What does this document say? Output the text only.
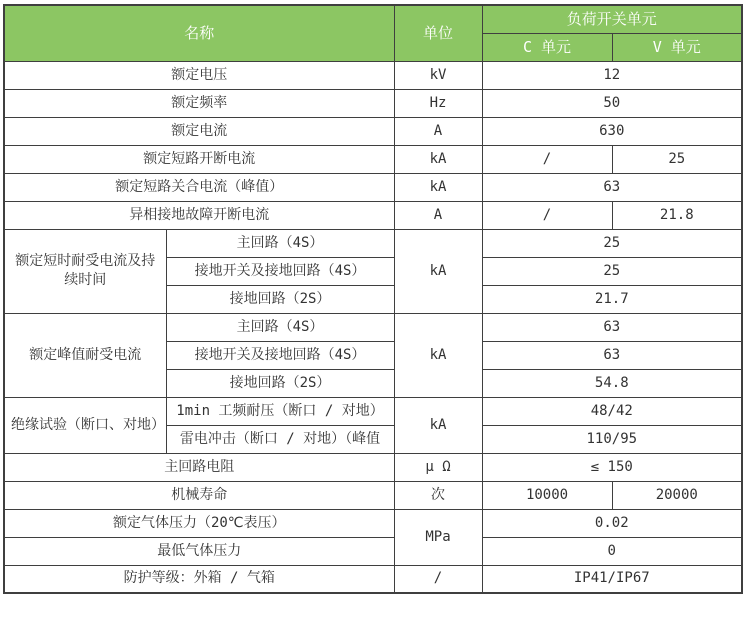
名称		单位	负荷开关单元	
			C 单元	V 单元
额定电压		kV	12	
额定频率		Hz	50	
额定电流		A	630	
额定短路开断电流		kA	/	25
额定短路关合电流（峰值）		kA	63	
异相接地故障开断电流		A	/	21.8
额定短时耐受电流及持续时间	主回路（4S）	kA	25	
	接地开关及接地回路（4S）		25	
	接地回路（2S）		21.7	
额定峰值耐受电流	主回路（4S）	kA	63	
	接地开关及接地回路（4S）		63	
	接地回路（2S）		54.8	
绝缘试验（断口、对地）	1min 工频耐压（断口 / 对地）	kA	48/42	
	雷电冲击（断口 / 对地）（峰值		110/95	
主回路电阻		μ Ω	≤ 150	
机械寿命		次	10000	20000
额定气体压力（20℃表压）		MPa	0.02	
最低气体压力			0	
防护等级：外箱 / 气箱		/	IP41/IP67	
